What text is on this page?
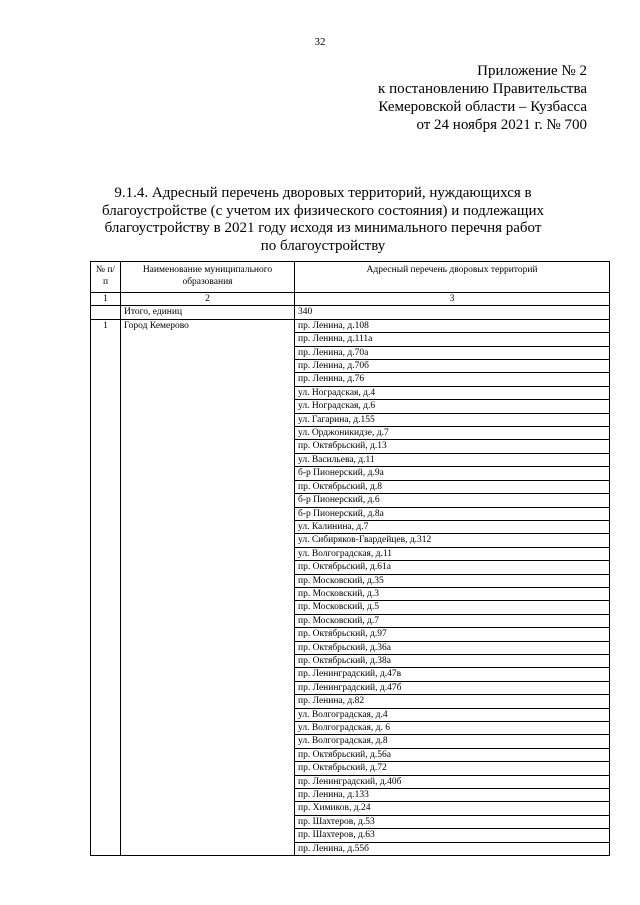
32
Приложение № 2
к постановлению Правительства
Кемеровской области – Кузбасса
от 24 ноября 2021 г. № 700
9.1.4. Адресный перечень дворовых территорий, нуждающихся в благоустройстве (с учетом их физического состояния) и подлежащих благоустройству в 2021 году исходя из минимального перечня работ по благоустройству
№ п/п	Наименование муниципального образования	Адресный перечень дворовых территорий
1	2	3
	Итого, единиц	340
1	Город Кемерово	пр. Ленина, д.108
		пр. Ленина, д.111а
		пр. Ленина, д.70а
		пр. Ленина, д.70б
		пр. Ленина, д.76
		ул. Ноградская, д.4
		ул. Ноградская, д.6
		ул. Гагарина, д.155
		ул. Орджоникидзе, д.7
		пр. Октябрьский, д.13
		ул. Васильева, д.11
		б-р Пионерский, д.9а
		пр. Октябрьский, д.8
		б-р Пионерский, д.6
		б-р Пионерский, д.8а
		ул. Калинина, д.7
		ул. Сибиряков-Гвардейцев, д.312
		ул. Волгоградская, д.11
		пр. Октябрьский, д.61а
		пр. Московский, д.35
		пр. Московский, д.3
		пр. Московский, д.5
		пр. Московский, д.7
		пр. Октябрьский, д.97
		пр. Октябрьский, д.36а
		пр. Октябрьский, д.38а
		пр. Ленинградский, д.47в
		пр. Ленинградский, д.47б
		пр. Ленина, д.82
		ул. Волгоградская, д.4
		ул. Волгоградская, д. 6
		ул. Волгоградская, д.8
		пр. Октябрьский, д.56а
		пр. Октябрьский, д.72
		пр. Ленинградский, д.40б
		пр. Ленина, д.133
		пр. Химиков, д.24
		пр. Шахтеров, д.53
		пр. Шахтеров, д.63
		пр. Ленина, д.55б
